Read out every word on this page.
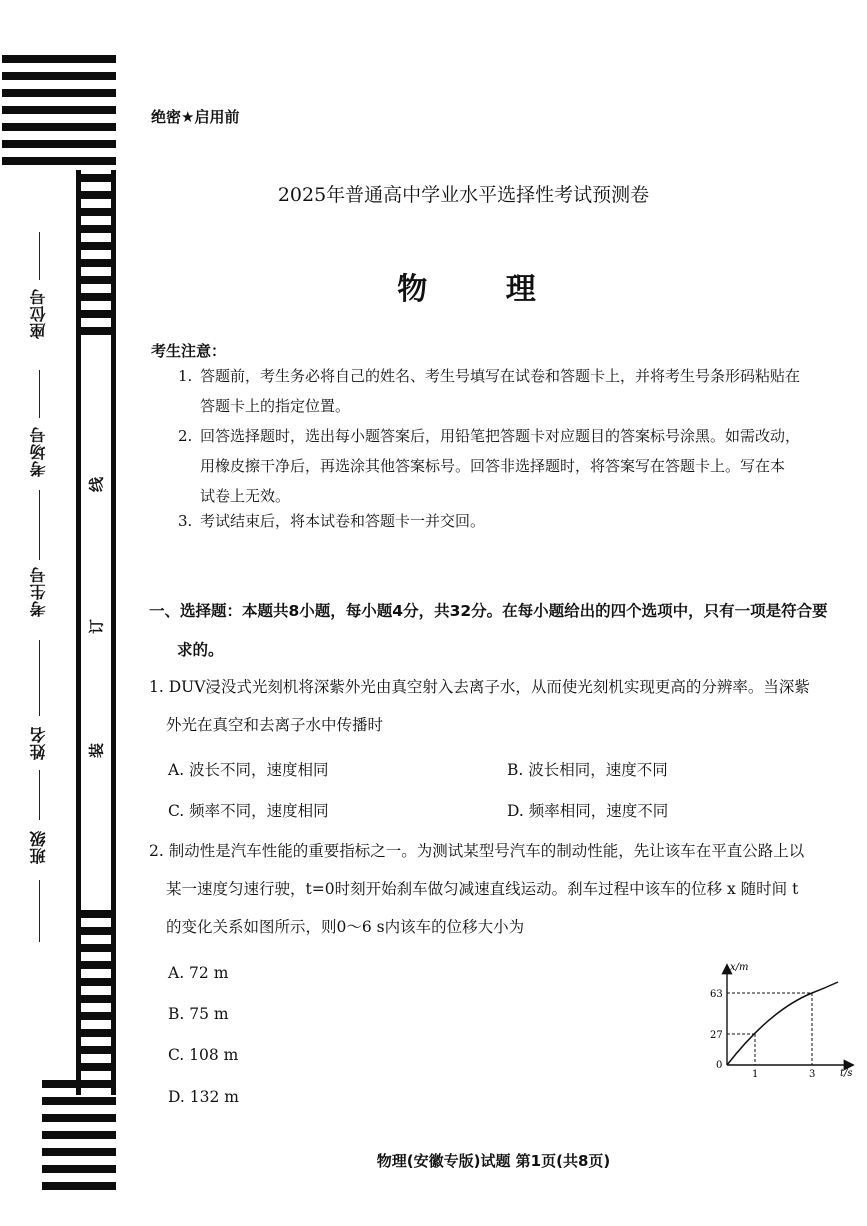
座位号
考场号
考生号
姓名
班级
线
订
装
绝密★启用前
2025年普通高中学业水平选择性考试预测卷
物 理
考生注意：
1. 答题前，考生务必将自己的姓名、考生号填写在试卷和答题卡上，并将考生号条形码粘贴在
答题卡上的指定位置。
2. 回答选择题时，选出每小题答案后，用铅笔把答题卡对应题目的答案标号涂黑。如需改动，
用橡皮擦干净后，再选涂其他答案标号。回答非选择题时，将答案写在答题卡上。写在本
试卷上无效。
3. 考试结束后，将本试卷和答题卡一并交回。
一、选择题：本题共8小题，每小题4分，共32分。在每小题给出的四个选项中，只有一项是符合要
求的。
1. DUV浸没式光刻机将深紫外光由真空射入去离子水，从而使光刻机实现更高的分辨率。当深紫
外光在真空和去离子水中传播时
A. 波长不同，速度相同	B. 波长相同，速度不同
C. 频率不同，速度相同	D. 频率相同，速度不同
2. 制动性是汽车性能的重要指标之一。为测试某型号汽车的制动性能，先让该车在平直公路上以
某一速度匀速行驶，t=0时刻开始刹车做匀减速直线运动。刹车过程中该车的位移 x 随时间 t
的变化关系如图所示，则0～6 s内该车的位移大小为
A. 72 m
B. 75 m
C. 108 m
D. 132 m
x/m
t/s
0
27
63
1	3
物理(安徽专版)试题 第1页(共8页)
